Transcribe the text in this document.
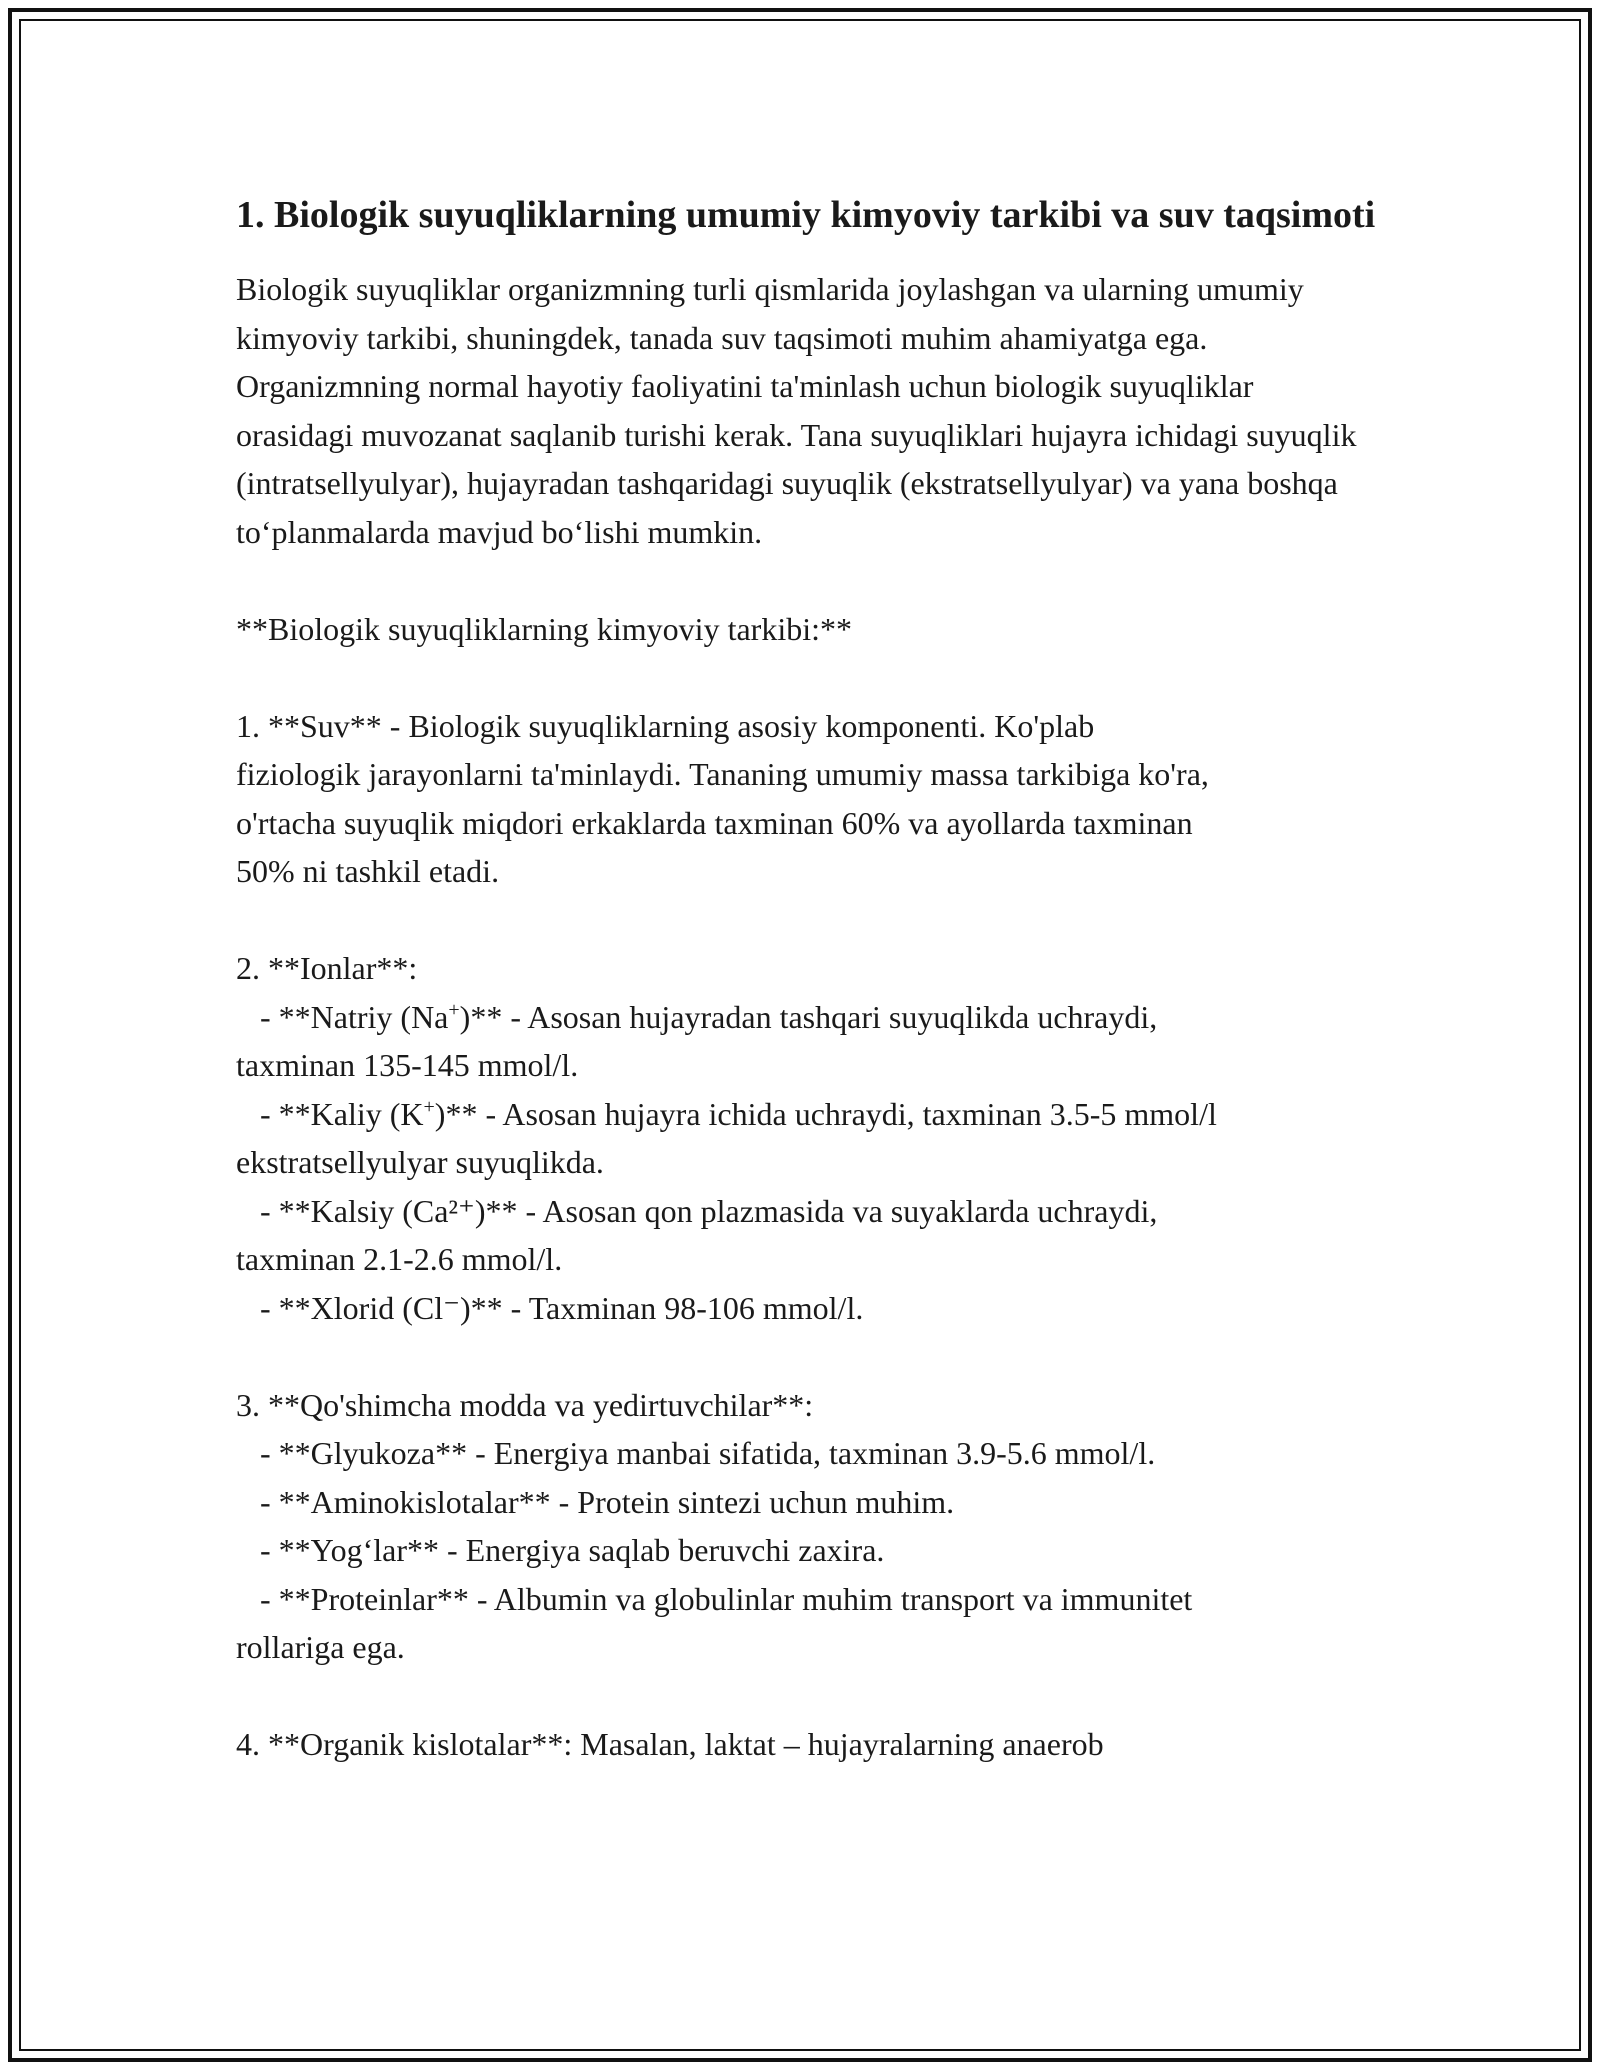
1. Biologik suyuqliklarning umumiy kimyoviy tarkibi va suv taqsimoti

Biologik suyuqliklar organizmning turli qismlarida joylashgan va ularning umumiy kimyoviy tarkibi, shuningdek, tanada suv taqsimoti muhim ahamiyatga ega. Organizmning normal hayotiy faoliyatini ta'minlash uchun biologik suyuqliklar orasidagi muvozanat saqlanib turishi kerak. Tana suyuqliklari hujayra ichidagi suyuqlik (intratsellyulyar), hujayradan tashqaridagi suyuqlik (ekstratsellyulyar) va yana boshqa to‘planmalarda mavjud bo‘lishi mumkin.

**Biologik suyuqliklarning kimyoviy tarkibi:**

1. **Suv** - Biologik suyuqliklarning asosiy komponenti. Ko'plab

fiziologik jarayonlarni ta'minlaydi. Tananing umumiy massa tarkibiga ko'ra,

o'rtacha suyuqlik miqdori erkaklarda taxminan 60% va ayollarda taxminan

50% ni tashkil etadi.

2. **Ionlar**:

- **Natriy (Na+)** - Asosan hujayradan tashqari suyuqlikda uchraydi,

taxminan 135-145 mmol/l.

- **Kaliy (K+)** - Asosan hujayra ichida uchraydi, taxminan 3.5-5 mmol/l

ekstratsellyulyar suyuqlikda.

- **Kalsiy (Ca²⁺)** - Asosan qon plazmasida va suyaklarda uchraydi,

taxminan 2.1-2.6 mmol/l.

- **Xlorid (Cl⁻)** - Taxminan 98-106 mmol/l.

3. **Qo'shimcha modda va yedirtuvchilar**:

- **Glyukoza** - Energiya manbai sifatida, taxminan 3.9-5.6 mmol/l.

- **Aminokislotalar** - Protein sintezi uchun muhim.

- **Yog‘lar** - Energiya saqlab beruvchi zaxira.

- **Proteinlar** - Albumin va globulinlar muhim transport va immunitet

rollariga ega.

4. **Organik kislotalar**: Masalan, laktat – hujayralarning anaerob
